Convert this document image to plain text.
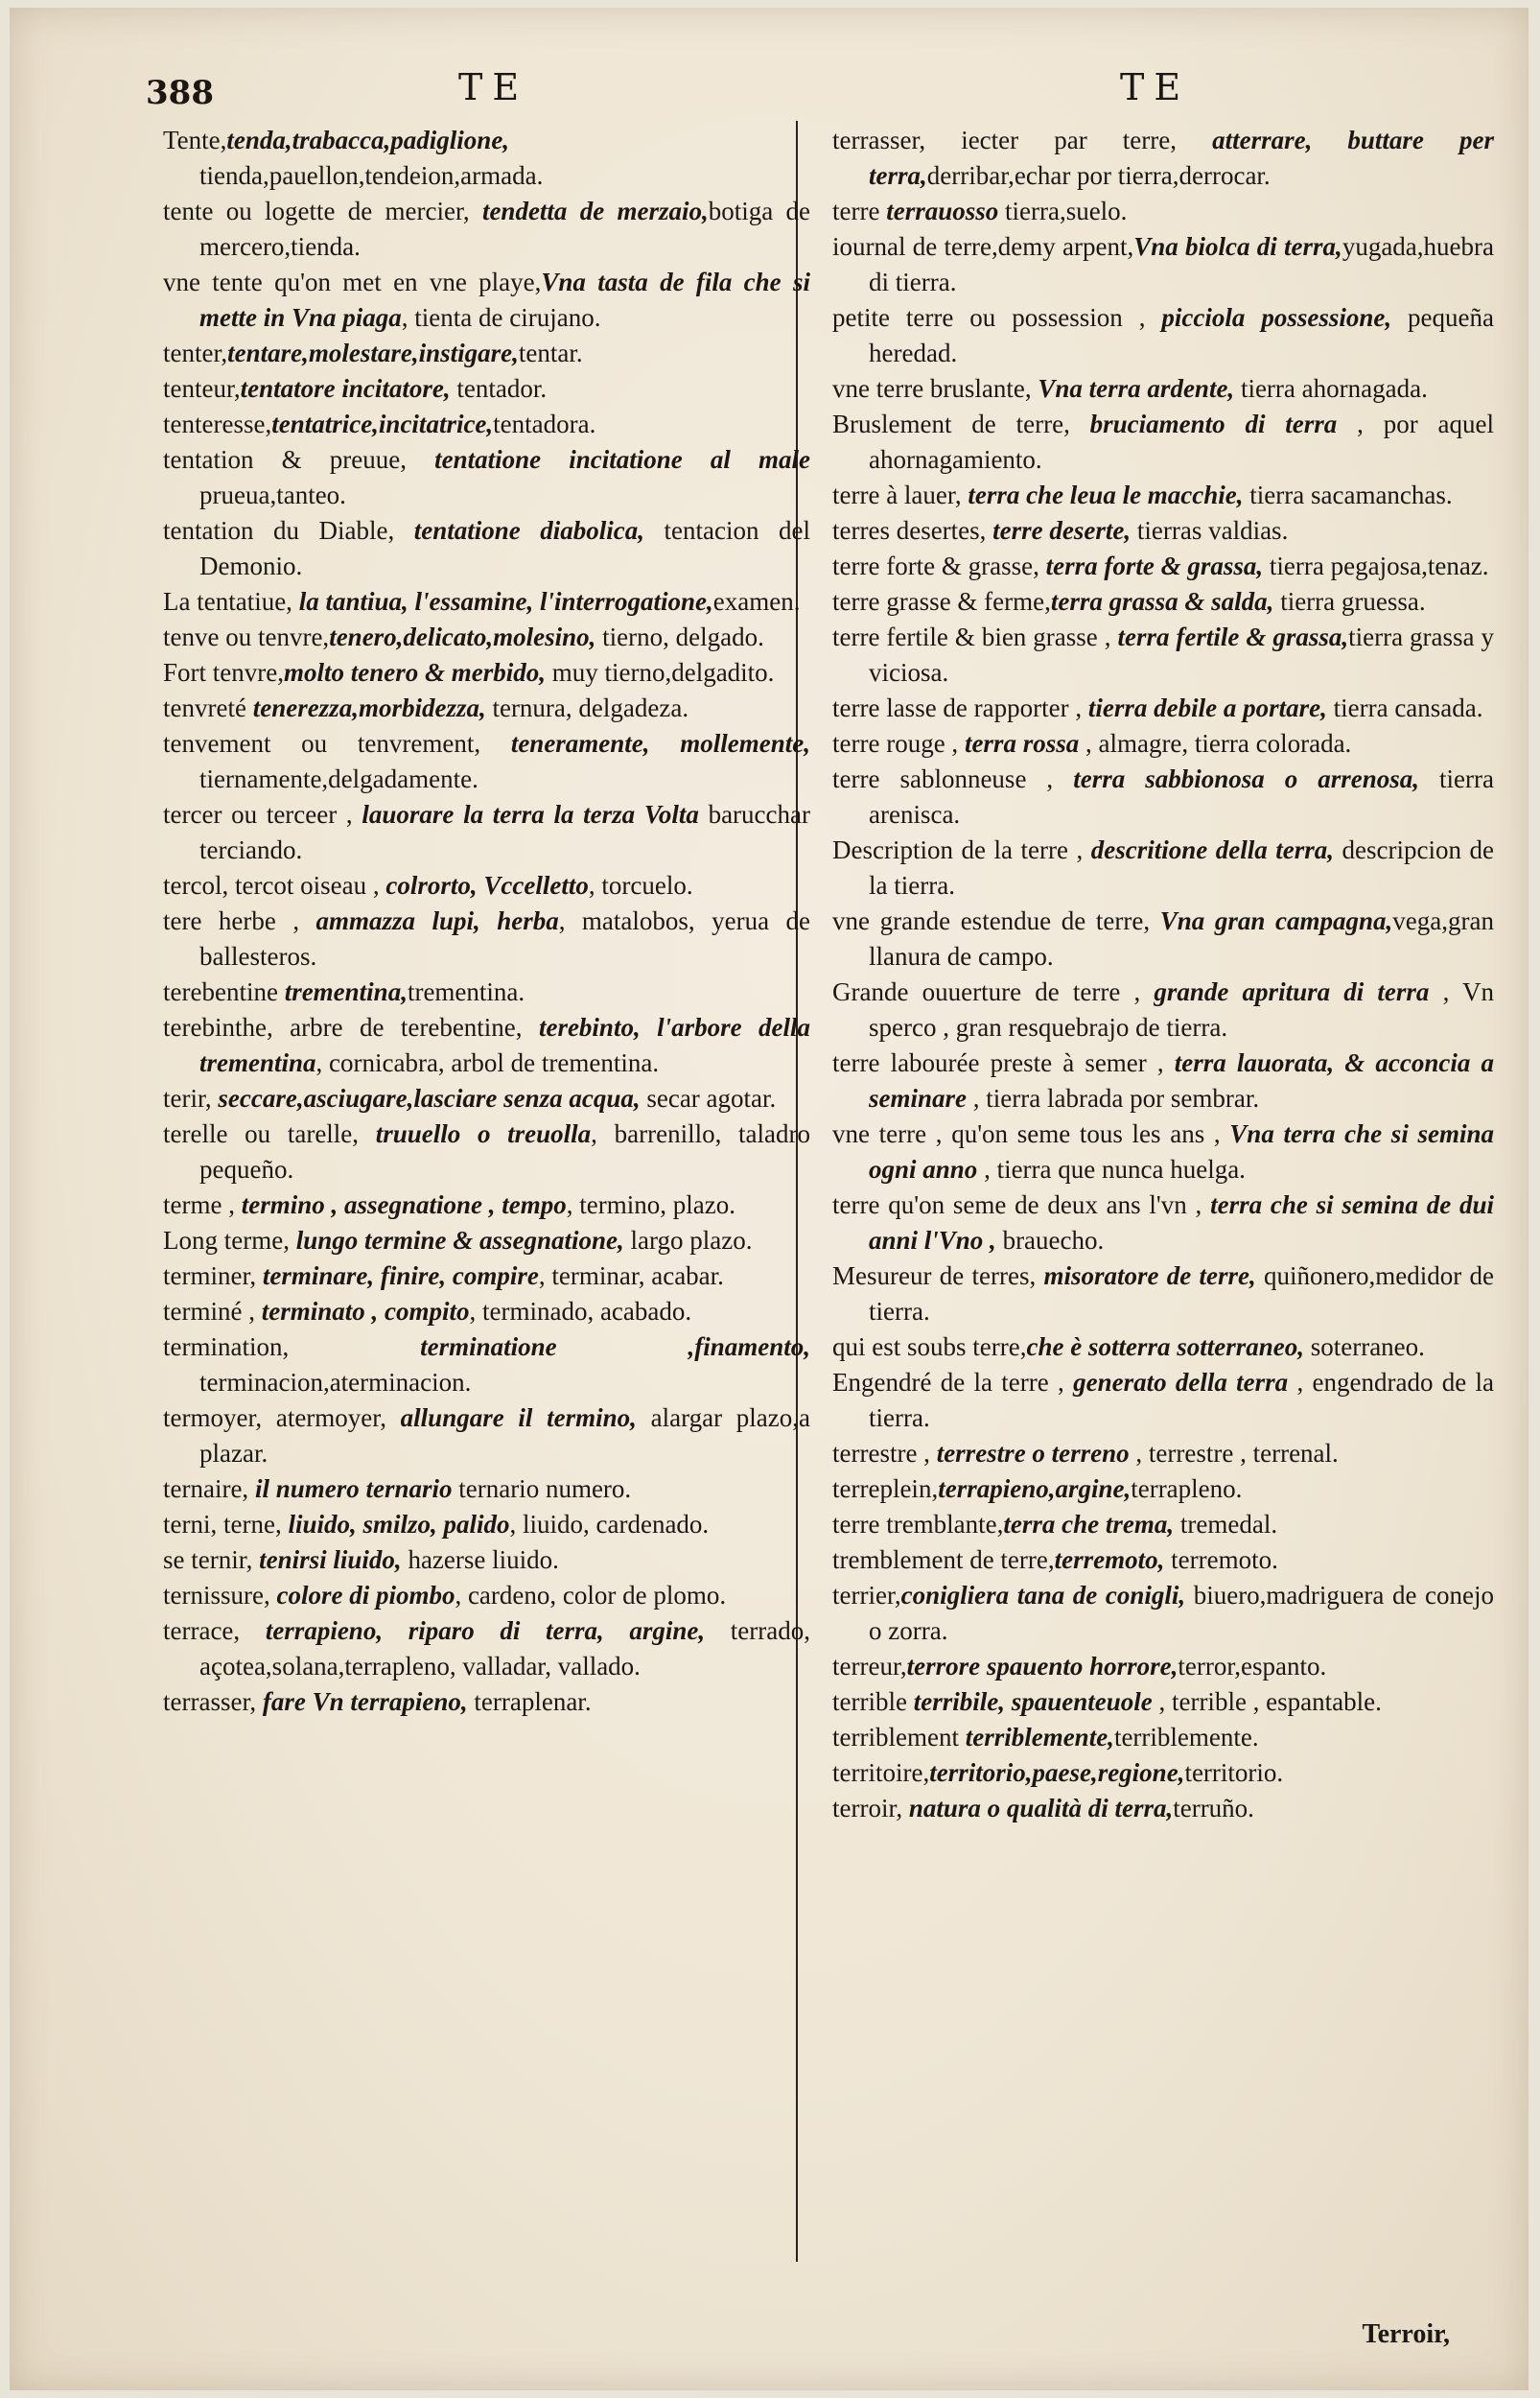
388	TE	TE

Tente,tenda,trabacca,padiglione, tienda,pauellon,tendeion,armada.

tente ou logette de mercier, tendetta de merzaio,botiga de mercero,tienda.

vne tente qu'on met en vne playe,Vna tasta de fila che si mette in Vna piaga, tienta de cirujano.

tenter,tentare,molestare,instigare,tentar.

tenteur,tentatore incitatore, tentador.

tenteresse,tentatrice,incitatrice,tentadora.

tentation & preuue, tentatione incitatione al male prueua,tanteo.

tentation du Diable, tentatione diabolica, tentacion del Demonio.

La tentatiue, la tantiua, l'essamine, l'interrogatione,examen.

tenve ou tenvre,tenero,delicato,molesino, tierno, delgado.

Fort tenvre,molto tenero & merbido, muy tierno,delgadito.

tenvreté tenerezza,morbidezza, ternura, delgadeza.

tenvement ou tenvrement, teneramente, mollemente, tiernamente,delgadamente.

tercer ou terceer , lauorare la terra la terza Volta barucchar terciando.

tercol, tercot oiseau , colrorto, Vccelletto, torcuelo.

tere herbe , ammazza lupi, herba, matalobos, yerua de ballesteros.

terebentine trementina,trementina.

terebinthe, arbre de terebentine, terebinto, l'arbore della trementina, cornicabra, arbol de trementina.

terir, seccare,asciugare,lasciare senza acqua, secar agotar.

terelle ou tarelle, truuello o treuolla, barrenillo, taladro pequeño.

terme , termino , assegnatione , tempo, termino, plazo.

Long terme, lungo termine & assegnatione, largo plazo.

terminer, terminare, finire, compire, terminar, acabar.

terminé , terminato , compito, terminado, acabado.

termination, terminatione ,finamento, terminacion,aterminacion.

termoyer, atermoyer, allungare il termino, alargar plazo,a plazar.

ternaire, il numero ternario ternario numero.

terni, terne, liuido, smilzo, palido, liuido, cardenado.

se ternir, tenirsi liuido, hazerse liuido.

ternissure, colore di piombo, cardeno, color de plomo.

terrace, terrapieno, riparo di terra, argine, terrado, açotea,solana,terrapleno, valladar, vallado.

terrasser, fare Vn terrapieno, terraplenar.

terrasser, iecter par terre, atterrare, buttare per terra,derribar,echar por tierra,derrocar.

terre terrauosso tierra,suelo.

iournal de terre,demy arpent,Vna biolca di terra,yugada,huebra di tierra.

petite terre ou possession , picciola possessione, pequeña heredad.

vne terre bruslante, Vna terra ardente, tierra ahornagada.

Bruslement de terre, bruciamento di terra , por aquel ahornagamiento.

terre à lauer, terra che leua le macchie, tierra sacamanchas.

terres desertes, terre deserte, tierras valdias.

terre forte & grasse, terra forte & grassa, tierra pegajosa,tenaz.

terre grasse & ferme,terra grassa & salda, tierra gruessa.

terre fertile & bien grasse , terra fertile & grassa,tierra grassa y viciosa.

terre lasse de rapporter , tierra debile a portare, tierra cansada.

terre rouge , terra rossa , almagre, tierra colorada.

terre sablonneuse , terra sabbionosa o arrenosa, tierra arenisca.

Description de la terre , descritione della terra, descripcion de la tierra.

vne grande estendue de terre, Vna gran campagna,vega,gran llanura de campo.

Grande ouuerture de terre , grande apritura di terra , Vn sperco , gran resquebrajo de tierra.

terre labourée preste à semer , terra lauorata, & acconcia a seminare , tierra labrada por sembrar.

vne terre , qu'on seme tous les ans , Vna terra che si semina ogni anno , tierra que nunca huelga.

terre qu'on seme de deux ans l'vn , terra che si semina de dui anni l'Vno , brauecho.

Mesureur de terres, misoratore de terre, quiñonero,medidor de tierra.

qui est soubs terre,che è sotterra sotterraneo, soterraneo.

Engendré de la terre , generato della terra , engendrado de la tierra.

terrestre , terrestre o terreno , terrestre , terrenal.

terreplein,terrapieno,argine,terrapleno.

terre tremblante,terra che trema, tremedal.

tremblement de terre,terremoto, terremoto.

terrier,conigliera tana de conigli, biuero,madriguera de conejo o zorra.

terreur,terrore spauento horrore,terror,espanto.

terrible terribile, spauenteuole , terrible , espantable.

terriblement terriblemente,terriblemente.

territoire,territorio,paese,regione,territorio.

terroir, natura o qualità di terra,terruño.

Terroir,
